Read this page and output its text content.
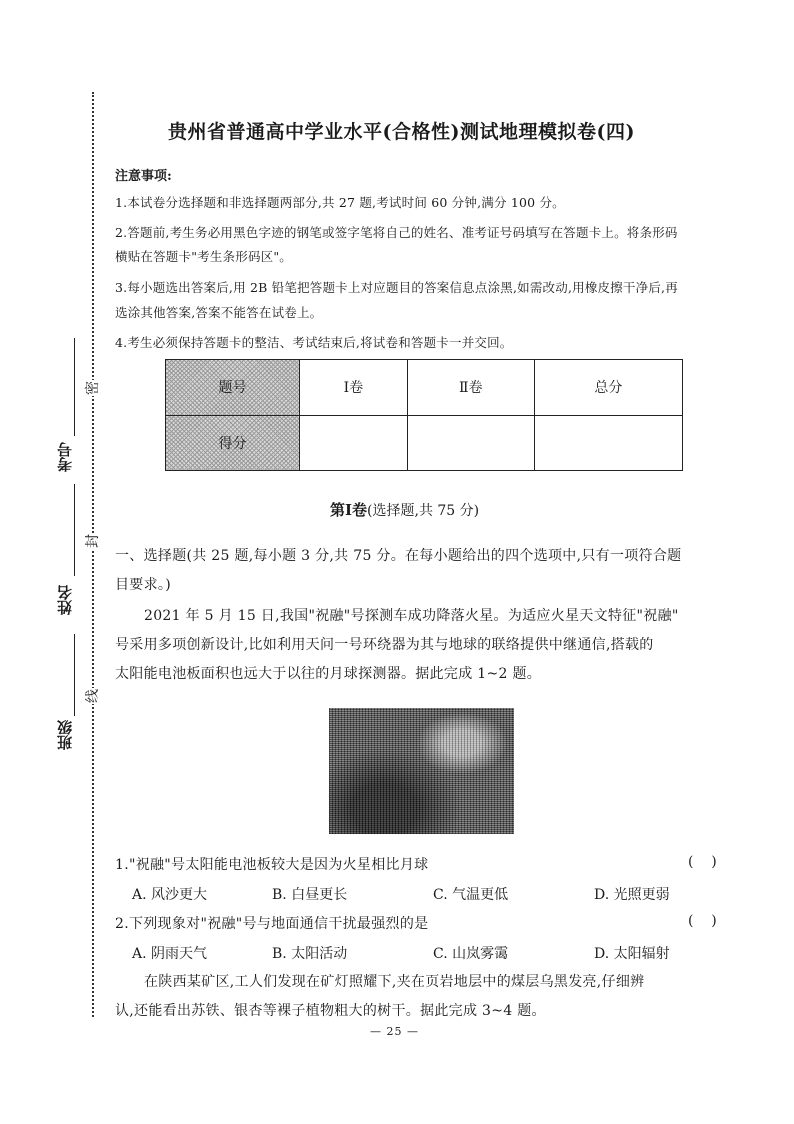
考号
姓名
班级
密
封
线
贵州省普通高中学业水平(合格性)测试地理模拟卷(四)
注意事项:
1.本试卷分选择题和非选择题两部分,共 27 题,考试时间 60 分钟,满分 100 分。
2.答题前,考生务必用黑色字迹的钢笔或签字笔将自己的姓名、准考证号码填写在答题卡上。将条形码
横贴在答题卡"考生条形码区"。
3.每小题选出答案后,用 2B 铅笔把答题卡上对应题目的答案信息点涂黑,如需改动,用橡皮擦干净后,再
选涂其他答案,答案不能答在试卷上。
4.考生必须保持答题卡的整洁、考试结束后,将试卷和答题卡一并交回。
题号	Ⅰ卷	Ⅱ卷	总分
得分			
第Ⅰ卷(选择题,共 75 分)
一、选择题(共 25 题,每小题 3 分,共 75 分。在每小题给出的四个选项中,只有一项符合题
目要求。)
2021 年 5 月 15 日,我国"祝融"号探测车成功降落火星。为适应火星天文特征"祝融"
号采用多项创新设计,比如利用天问一号环绕器为其与地球的联络提供中继通信,搭载的
太阳能电池板面积也远大于以往的月球探测器。据此完成 1~2 题。
1."祝融"号太阳能电池板较大是因为火星相比月球	(    )
A. 风沙更大	B. 白昼更长	C. 气温更低	D. 光照更弱
2.下列现象对"祝融"号与地面通信干扰最强烈的是	(    )
A. 阴雨天气	B. 太阳活动	C. 山岚雾霭	D. 太阳辐射
在陕西某矿区,工人们发现在矿灯照耀下,夹在页岩地层中的煤层乌黑发亮,仔细辨
认,还能看出苏铁、银杏等裸子植物粗大的树干。据此完成 3~4 题。
— 25 —
